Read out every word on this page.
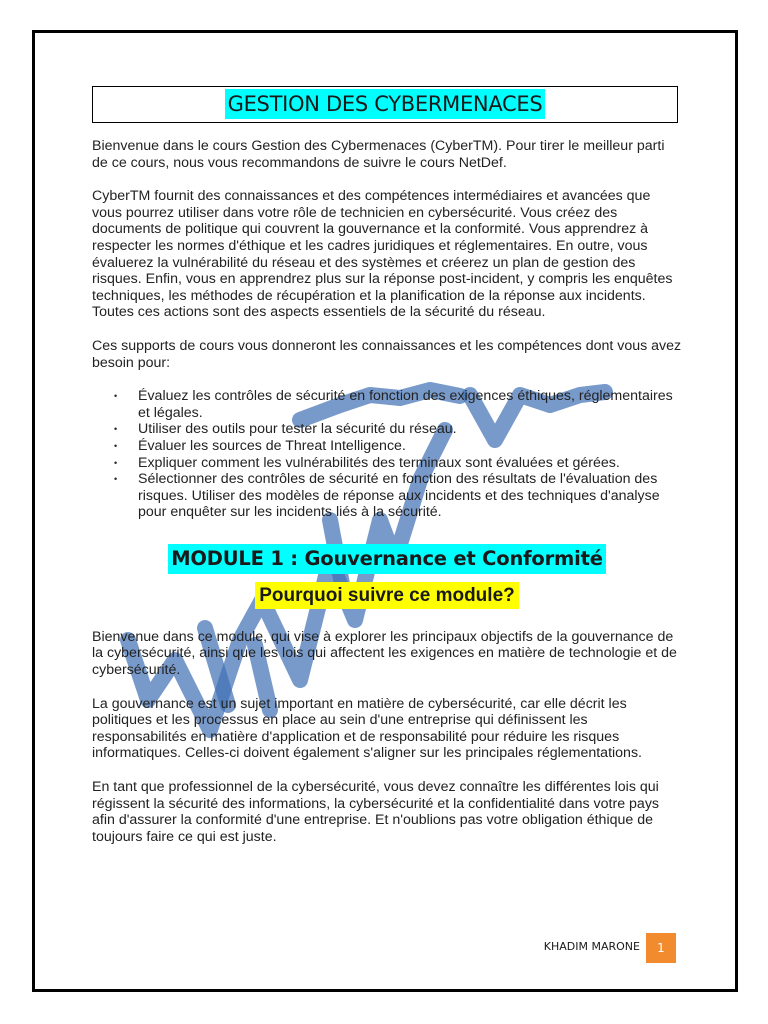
GESTION DES CYBERMENACES

Bienvenue dans le cours Gestion des Cybermenaces (CyberTM). Pour tirer le meilleur parti de ce cours, nous vous recommandons de suivre le cours NetDef.

CyberTM fournit des connaissances et des compétences intermédiaires et avancées que vous pourrez utiliser dans votre rôle de technicien en cybersécurité. Vous créez des documents de politique qui couvrent la gouvernance et la conformité. Vous apprendrez à respecter les normes d'éthique et les cadres juridiques et réglementaires. En outre, vous évaluerez la vulnérabilité du réseau et des systèmes et créerez un plan de gestion des risques. Enfin, vous en apprendrez plus sur la réponse post-incident, y compris les enquêtes techniques, les méthodes de récupération et la planification de la réponse aux incidents. Toutes ces actions sont des aspects essentiels de la sécurité du réseau.

Ces supports de cours vous donneront les connaissances et les compétences dont vous avez besoin pour:

• Évaluez les contrôles de sécurité en fonction des exigences éthiques, réglementaires et légales.
• Utiliser des outils pour tester la sécurité du réseau.
• Évaluer les sources de Threat Intelligence.
• Expliquer comment les vulnérabilités des terminaux sont évaluées et gérées.
• Sélectionner des contrôles de sécurité en fonction des résultats de l'évaluation des risques. Utiliser des modèles de réponse aux incidents et des techniques d'analyse pour enquêter sur les incidents liés à la sécurité.
MODULE 1 : Gouvernance et Conformité
Pourquoi suivre ce module?

Bienvenue dans ce module, qui vise à explorer les principaux objectifs de la gouvernance de la cybersécurité, ainsi que les lois qui affectent les exigences en matière de technologie et de cybersécurité.

La gouvernance est un sujet important en matière de cybersécurité, car elle décrit les politiques et les processus en place au sein d'une entreprise qui définissent les responsabilités en matière d'application et de responsabilité pour réduire les risques informatiques. Celles-ci doivent également s'aligner sur les principales réglementations.

En tant que professionnel de la cybersécurité, vous devez connaître les différentes lois qui régissent la sécurité des informations, la cybersécurité et la confidentialité dans votre pays afin d'assurer la conformité d'une entreprise. Et n'oublions pas votre obligation éthique de toujours faire ce qui est juste.

KHADIM MARONE	1
